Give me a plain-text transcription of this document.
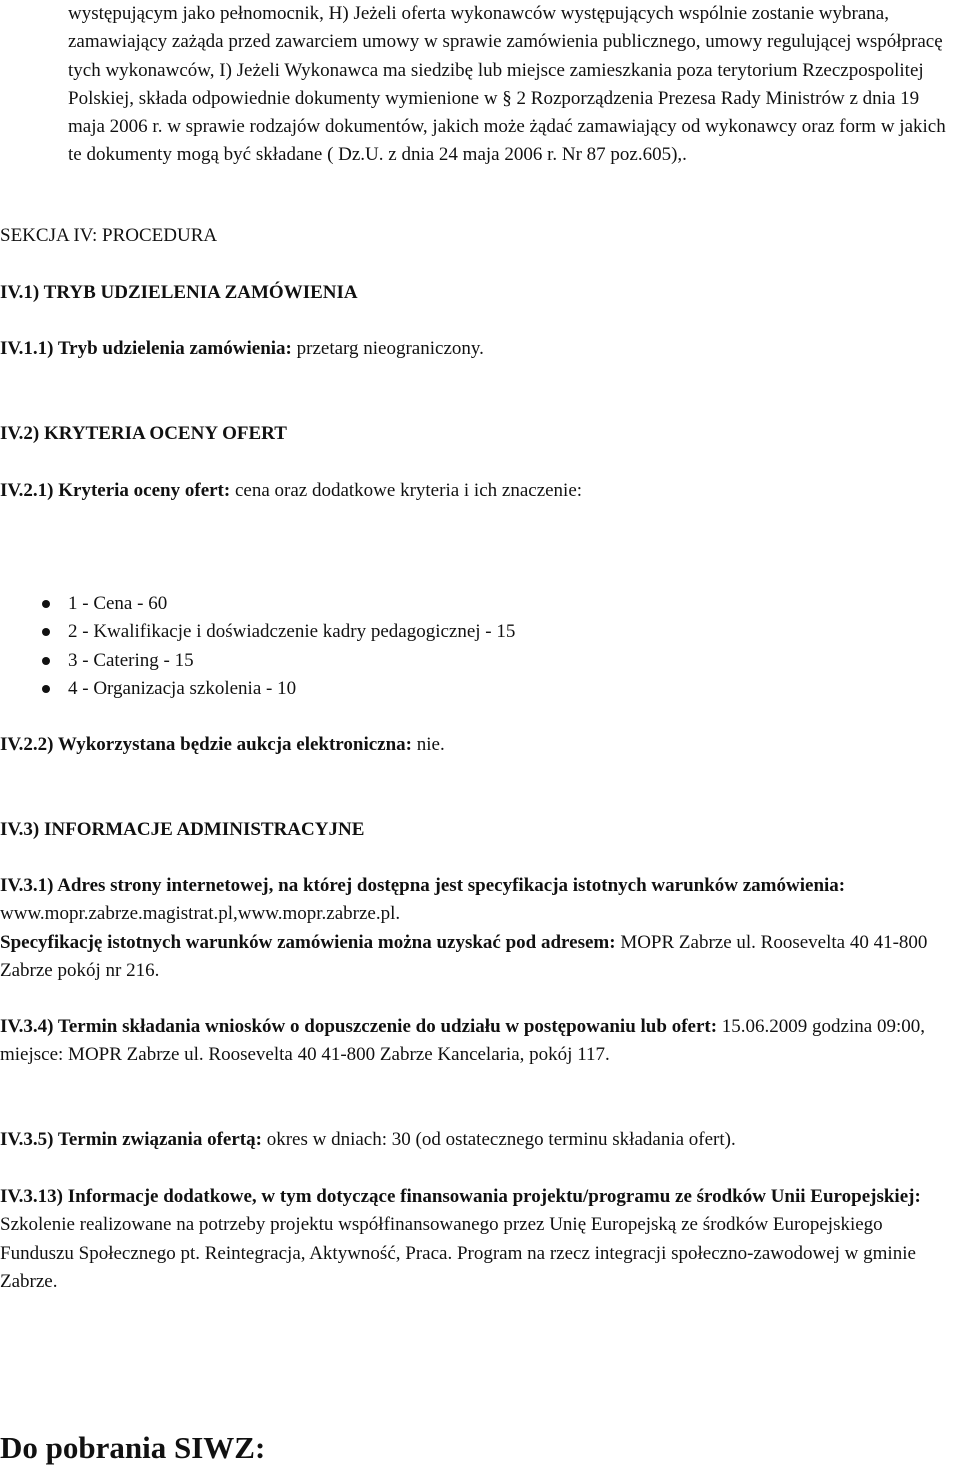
występującym jako pełnomocnik, H) Jeżeli oferta wykonawców występujących wspólnie zostanie wybrana, zamawiający zażąda przed zawarciem umowy w sprawie zamówienia publicznego, umowy regulującej współpracę tych wykonawców, I) Jeżeli Wykonawca ma siedzibę lub miejsce zamieszkania poza terytorium Rzeczpospolitej Polskiej, składa odpowiednie dokumenty wymienione w § 2 Rozporządzenia Prezesa Rady Ministrów z dnia 19 maja 2006 r. w sprawie rodzajów dokumentów, jakich może żądać zamawiający od wykonawcy oraz form w jakich te dokumenty mogą być składane ( Dz.U. z dnia 24 maja 2006 r. Nr 87 poz.605),.

SEKCJA IV: PROCEDURA
IV.1) TRYB UDZIELENIA ZAMÓWIENIA
IV.1.1) Tryb udzielenia zamówienia: przetarg nieograniczony.
IV.2) KRYTERIA OCENY OFERT
IV.2.1) Kryteria oceny ofert: cena oraz dodatkowe kryteria i ich znaczenie:
1 - Cena - 60
2 - Kwalifikacje i doświadczenie kadry pedagogicznej - 15
3 - Catering - 15
4 - Organizacja szkolenia - 10
IV.2.2) Wykorzystana będzie aukcja elektroniczna: nie.
IV.3) INFORMACJE ADMINISTRACYJNE

IV.3.1) Adres strony internetowej, na której dostępna jest specyfikacja istotnych warunków zamówienia: www.mopr.zabrze.magistrat.pl,www.mopr.zabrze.pl.

Specyfikację istotnych warunków zamówienia można uzyskać pod adresem: MOPR Zabrze ul. Roosevelta 40 41-800 Zabrze pokój nr 216.

IV.3.4) Termin składania wniosków o dopuszczenie do udziału w postępowaniu lub ofert: 15.06.2009 godzina 09:00, miejsce: MOPR Zabrze ul. Roosevelta 40 41-800 Zabrze Kancelaria, pokój 117.

IV.3.5) Termin związania ofertą: okres w dniach: 30 (od ostatecznego terminu składania ofert).

IV.3.13) Informacje dodatkowe, w tym dotyczące finansowania projektu/programu ze środków Unii Europejskiej: Szkolenie realizowane na potrzeby projektu współfinansowanego przez Unię Europejską ze środków Europejskiego Funduszu Społecznego pt. Reintegracja, Aktywność, Praca. Program na rzecz integracji społeczno-zawodowej w gminie Zabrze.

Do pobrania SIWZ:
